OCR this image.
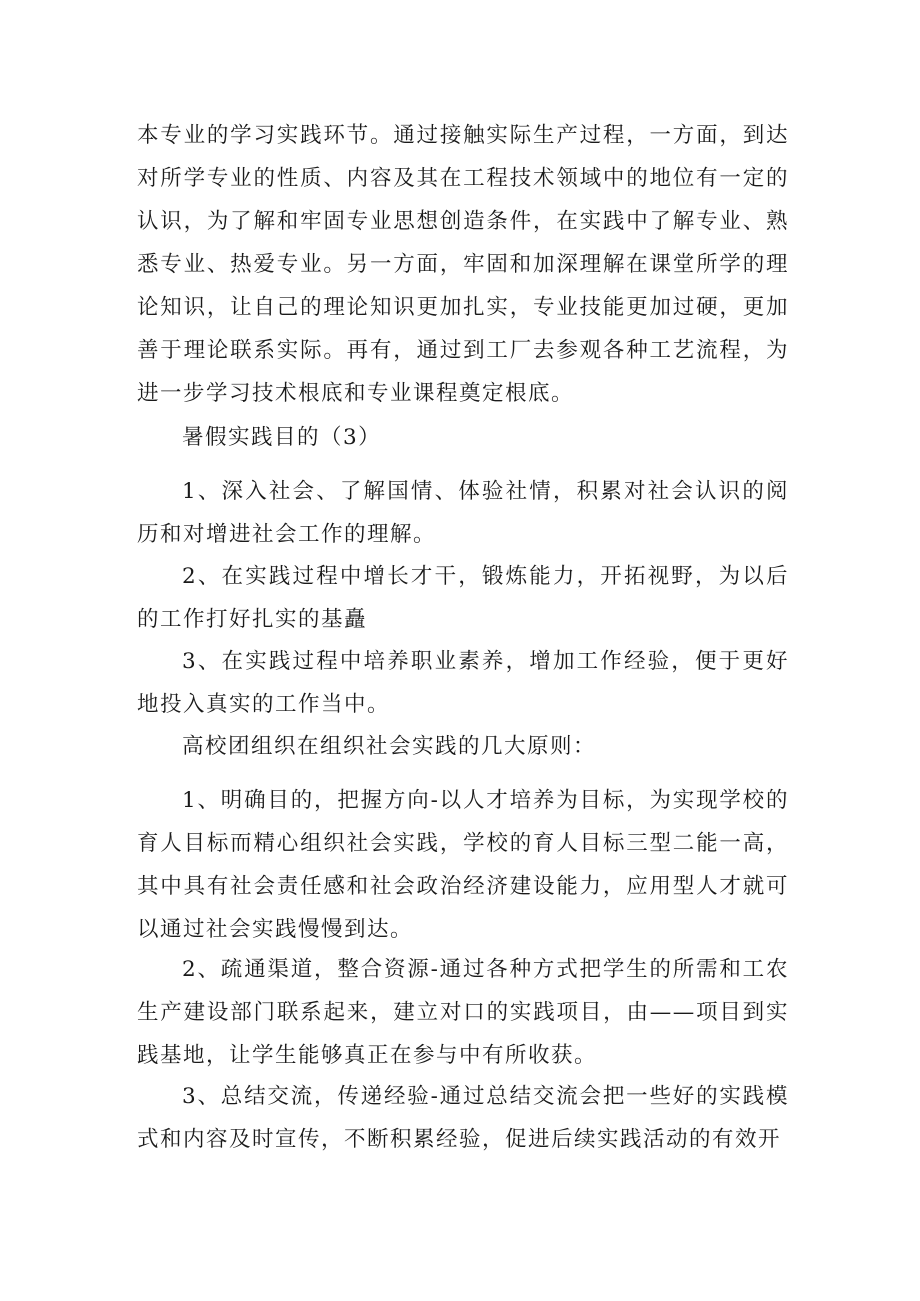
本专业的学习实践环节。通过接触实际生产过程，一方面，到达对所学专业的性质、内容及其在工程技术领域中的地位有一定的认识，为了解和牢固专业思想创造条件，在实践中了解专业、熟悉专业、热爱专业。另一方面，牢固和加深理解在课堂所学的理论知识，让自己的理论知识更加扎实，专业技能更加过硬，更加善于理论联系实际。再有，通过到工厂去参观各种工艺流程，为进一步学习技术根底和专业课程奠定根底。

暑假实践目的（3）

1、深入社会、了解国情、体验社情，积累对社会认识的阅历和对增进社会工作的理解。

2、在实践过程中增长才干，锻炼能力，开拓视野，为以后的工作打好扎实的基矗

3、在实践过程中培养职业素养，增加工作经验，便于更好地投入真实的工作当中。

高校团组织在组织社会实践的几大原则：

1、明确目的，把握方向-以人才培养为目标，为实现学校的育人目标而精心组织社会实践，学校的育人目标三型二能一高，其中具有社会责任感和社会政治经济建设能力，应用型人才就可以通过社会实践慢慢到达。

2、疏通渠道，整合资源-通过各种方式把学生的所需和工农生产建设部门联系起来，建立对口的实践项目，由——项目到实践基地，让学生能够真正在参与中有所收获。

3、总结交流，传递经验-通过总结交流会把一些好的实践模式和内容及时宣传，不断积累经验，促进后续实践活动的有效开
